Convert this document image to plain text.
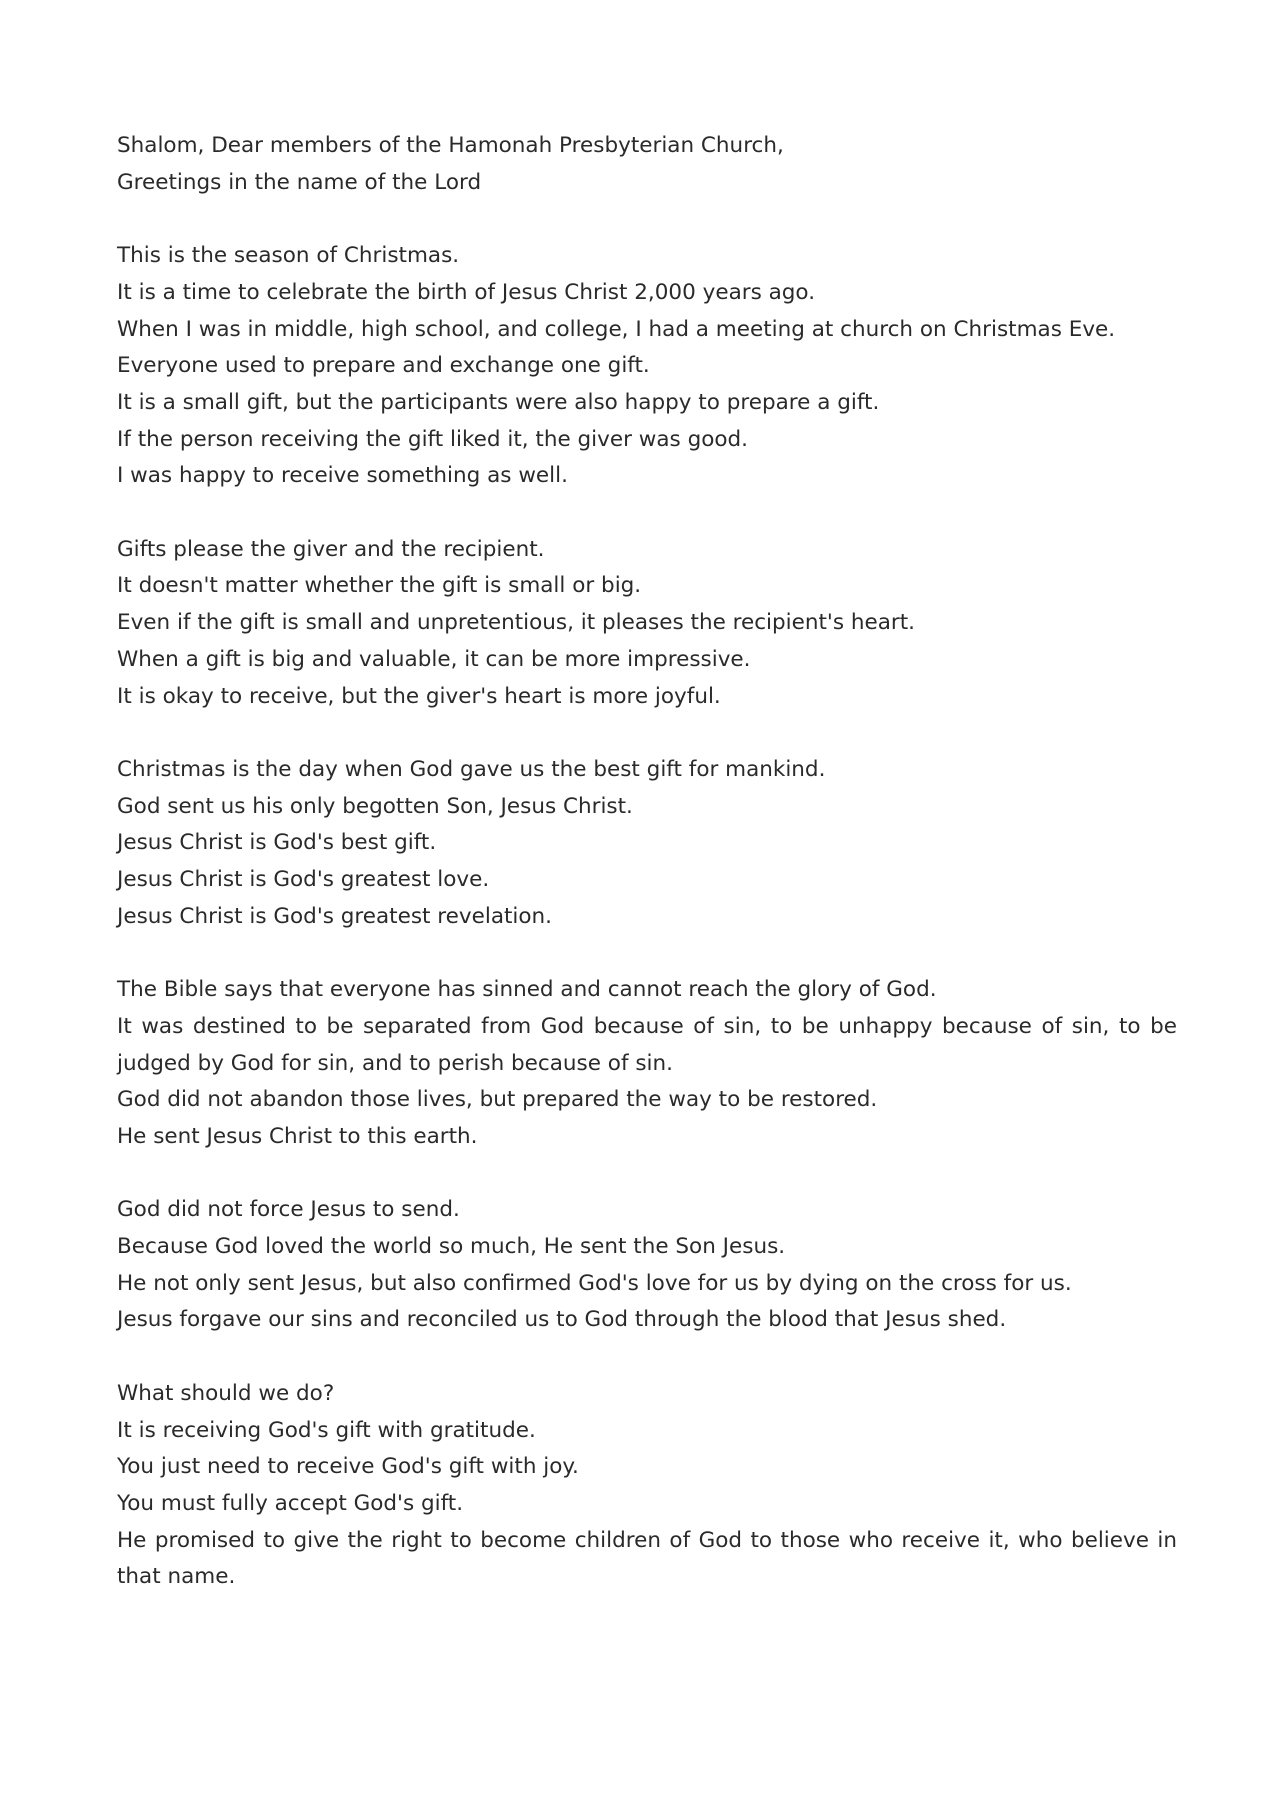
Shalom, Dear members of the Hamonah Presbyterian Church,
Greetings in the name of the Lord
This is the season of Christmas.
It is a time to celebrate the birth of Jesus Christ 2,000 years ago.
When I was in middle, high school, and college, I had a meeting at church on Christmas Eve.
Everyone used to prepare and exchange one gift.
It is a small gift, but the participants were also happy to prepare a gift.
If the person receiving the gift liked it, the giver was good.
I was happy to receive something as well.
Gifts please the giver and the recipient.
It doesn't matter whether the gift is small or big.
Even if the gift is small and unpretentious, it pleases the recipient's heart.
When a gift is big and valuable, it can be more impressive.
It is okay to receive, but the giver's heart is more joyful.
Christmas is the day when God gave us the best gift for mankind.
God sent us his only begotten Son, Jesus Christ.
Jesus Christ is God's best gift.
Jesus Christ is God's greatest love.
Jesus Christ is God's greatest revelation.
The Bible says that everyone has sinned and cannot reach the glory of God.
It was destined to be separated from God because of sin, to be unhappy because of sin, to be judged by God for sin, and to perish because of sin.
God did not abandon those lives, but prepared the way to be restored.
He sent Jesus Christ to this earth.
God did not force Jesus to send.
Because God loved the world so much, He sent the Son Jesus.
He not only sent Jesus, but also confirmed God's love for us by dying on the cross for us.
Jesus forgave our sins and reconciled us to God through the blood that Jesus shed.
What should we do?
It is receiving God's gift with gratitude.
You just need to receive God's gift with joy.
You must fully accept God's gift.
He promised to give the right to become children of God to those who receive it, who believe in that name.
